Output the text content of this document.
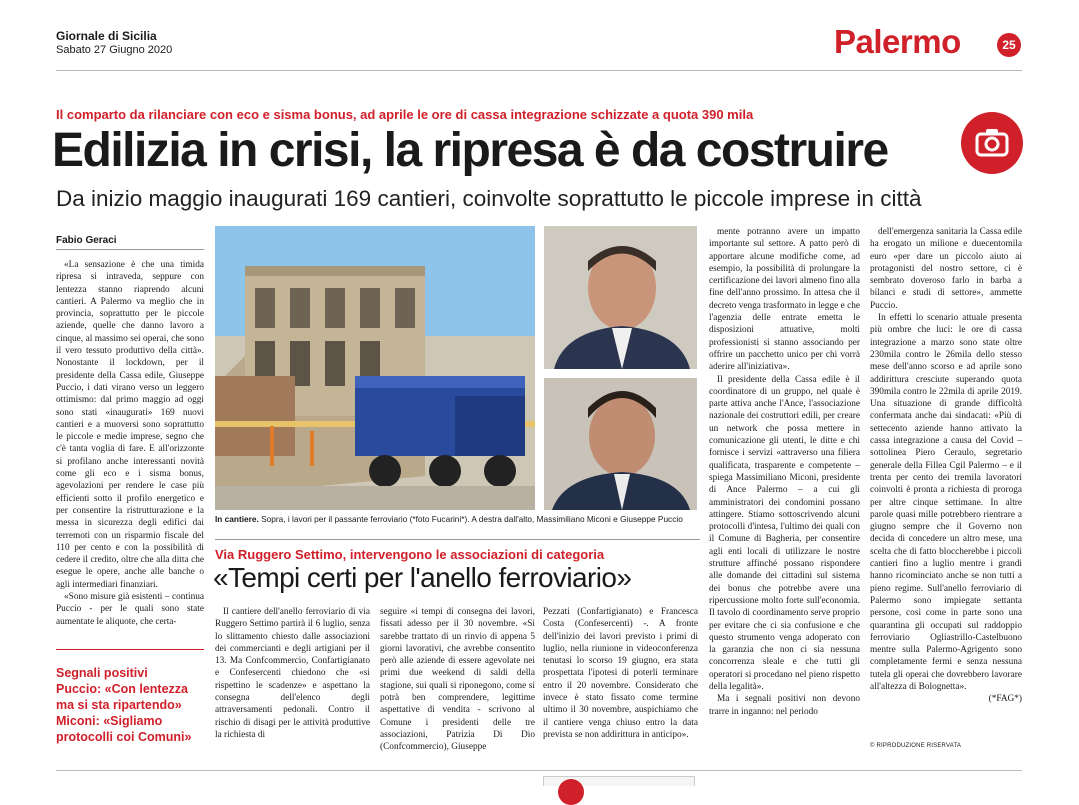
Giornale di Sicilia
Sabato 27 Giugno 2020	Palermo	25
Il comparto da rilanciare con eco e sisma bonus, ad aprile le ore di cassa integrazione schizzate a quota 390 mila
Edilizia in crisi, la ripresa è da costruire
Da inizio maggio inaugurati 169 cantieri, coinvolte soprattutto le piccole imprese in città
Fabio Geraci

«La sensazione è che una timida ripresa si intraveda, seppure con lentezza stanno riaprendo alcuni cantieri. A Palermo va meglio che in provincia, soprattutto per le piccole aziende, quelle che danno lavoro a cinque, al massimo sei operai, che sono il vero tessuto produttivo della città». Nonostante il lockdown, per il presidente della Cassa edile, Giuseppe Puccio, i dati virano verso un leggero ottimismo: dal primo maggio ad oggi sono stati «inaugurati» 169 nuovi cantieri e a muoversi sono soprattutto le piccole e medie imprese, segno che c'è tanta voglia di fare. E all'orizzonte si profilano anche interessanti novità come gli eco e i sisma bonus, agevolazioni per rendere le case più efficienti sotto il profilo energetico e per consentire la ristrutturazione e la messa in sicurezza degli edifici dai terremoti con un risparmio fiscale del 110 per cento e con la possibilità di cedere il credito, oltre che alla ditta che esegue le opere, anche alle banche o agli intermediari finanziari.

«Sono misure già esistenti – continua Puccio - per le quali sono state aumentate le aliquote, che certa-

Segnali positivi
Puccio: «Con lentezza ma si sta ripartendo»
Miconi: «Sigliamo protocolli coi Comuni»
In cantiere. Sopra, i lavori per il passante ferroviario (*foto Fucarini*). A destra dall'alto, Massimiliano Miconi e Giuseppe Puccio

mente potranno avere un impatto importante sul settore. A patto però di apportare alcune modifiche come, ad esempio, la possibilità di prolungare la certificazione dei lavori almeno fino alla fine dell'anno prossimo. In attesa che il decreto venga trasformato in legge e che l'agenzia delle entrate emetta le disposizioni attuative, molti professionisti si stanno associando per offrire un pacchetto unico per chi vorrà aderire all'iniziativa».

Il presidente della Cassa edile è il coordinatore di un gruppo, nel quale è parte attiva anche l'Ance, l'associazione nazionale dei costruttori edili, per creare un network che possa mettere in comunicazione gli utenti, le ditte e chi fornisce i servizi «attraverso una filiera qualificata, trasparente e competente – spiega Massimiliano Miconi, presidente di Ance Palermo – a cui gli amministratori dei condomini possano attingere. Stiamo sottoscrivendo alcuni protocolli d'intesa, l'ultimo dei quali con il Comune di Bagheria, per consentire agli enti locali di utilizzare le nostre strutture affinché possano rispondere alle domande dei cittadini sul sistema dei bonus che potrebbe avere una ripercussione molto forte sull'economia. Il tavolo di coordinamento serve proprio per evitare che ci sia confusione e che questo strumento venga adoperato con la garanzia che non ci sia nessuna concorrenza sleale e che tutti gli operatori si procedano nel pieno rispetto della legalità».

Ma i segnali positivi non devono trarre in inganno: nel periodo

dell'emergenza sanitaria la Cassa edile ha erogato un milione e duecentomila euro «per dare un piccolo aiuto ai protagonisti del nostro settore, ci è sembrato doveroso farlo in barba a bilanci e studi di settore», ammette Puccio.

In effetti lo scenario attuale presenta più ombre che luci: le ore di cassa integrazione a marzo sono state oltre 230mila contro le 26mila dello stesso mese dell'anno scorso e ad aprile sono addirittura cresciute superando quota 390mila contro le 22mila di aprile 2019. Una situazione di grande difficoltà confermata anche dai sindacati: «Più di settecento aziende hanno attivato la cassa integrazione a causa del Covid – sottolinea Piero Ceraulo, segretario generale della Fillea Cgil Palermo – e il trenta per cento dei tremila lavoratori coinvolti è pronta a richiesta di proroga per altre cinque settimane. In altre parole quasi mille potrebbero rientrare a giugno sempre che il Governo non decida di concedere un altro mese, una scelta che di fatto bloccherebbe i piccoli cantieri fino a luglio mentre i grandi hanno ricominciato anche se non tutti a pieno regime. Sull'anello ferroviario di Palermo sono impiegate settanta persone, così come in parte sono una quarantina gli occupati sul raddoppio ferroviario Ogliastrillo-Castelbuono mentre sulla Palermo-Agrigento sono completamente fermi e senza nessuna tutela gli operai che dovrebbero lavorare all'altezza di Bolognetta».

(*FAG*)

© RIPRODUZIONE RISERVATA
Via Ruggero Settimo, intervengono le associazioni di categoria
«Tempi certi per l'anello ferroviario»

Il cantiere dell'anello ferroviario di via Ruggero Settimo partirà il 6 luglio, senza lo slittamento chiesto dalle associazioni dei commercianti e degli artigiani per il 13. Ma Confcommercio, Confartigianato e Confesercenti chiedono che «si rispettino le scadenze» e aspettano la consegna dell'elenco degli attraversamenti pedonali. Contro il rischio di disagi per le attività produttive la richiesta di

seguire «i tempi di consegna dei lavori, fissati adesso per il 30 novembre. «Si sarebbe trattato di un rinvio di appena 5 giorni lavorativi, che avrebbe consentito però alle aziende di essere agevolate nei primi due weekend di saldi della stagione, sui quali si riponegono, come si potrà ben comprendere, legittime aspettative di vendita - scrivono al Comune i presidenti delle tre associazioni, Patrizia Di Dio (Confcommercio), Giuseppe

Pezzati (Confartigianato) e Francesca Costa (Confesercenti) -. A fronte dell'inizio dei lavori previsto i primi di luglio, nella riunione in videoconferenza tenutasi lo scorso 19 giugno, era stata prospettata l'ipotesi di poterli terminare entro il 20 novembre. Considerato che invece è stato fissato come termine ultimo il 30 novembre, auspichiamo che il cantiere venga chiuso entro la data prevista se non addirittura in anticipo».
